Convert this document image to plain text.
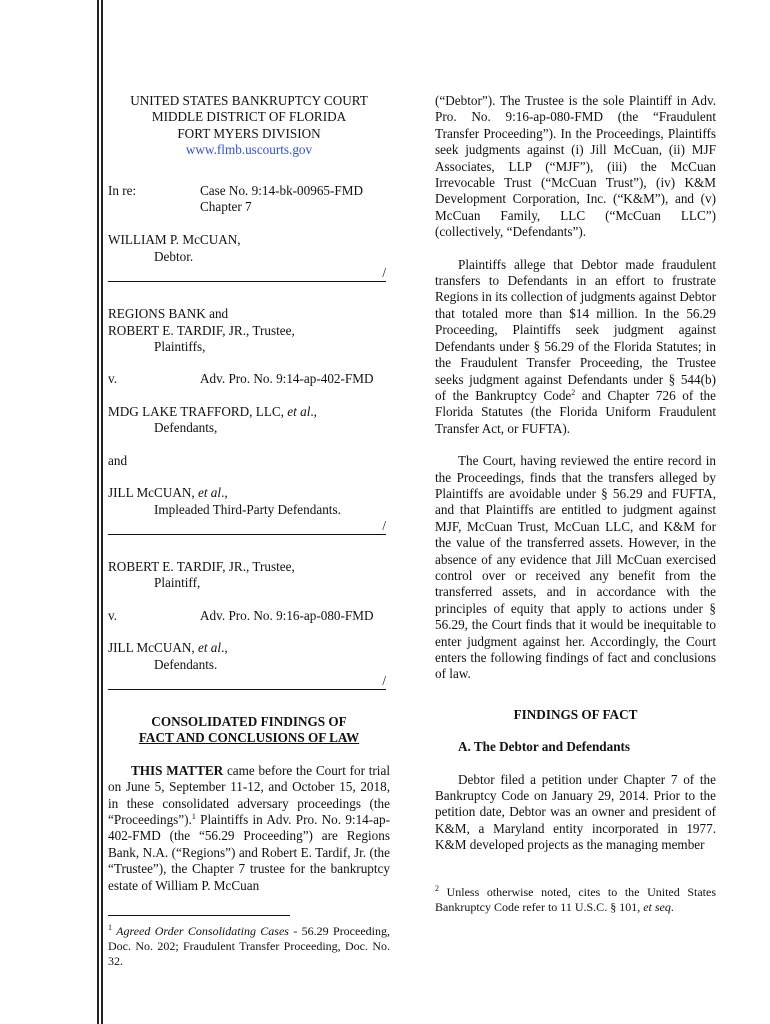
UNITED STATES BANKRUPTCY COURT
MIDDLE DISTRICT OF FLORIDA
FORT MYERS DIVISION
www.flmb.uscourts.gov
In re:	Case No. 9:14-bk-00965-FMD
Chapter 7
WILLIAM P. McCUAN,
Debtor.
/
REGIONS BANK and
ROBERT E. TARDIF, JR., Trustee,
Plaintiffs,
v.	Adv. Pro. No. 9:14-ap-402-FMD
MDG LAKE TRAFFORD, LLC, et al.,
Defendants,
and
JILL McCUAN, et al.,
Impleaded Third-Party Defendants.
/
ROBERT E. TARDIF, JR., Trustee,
Plaintiff,
v.	Adv. Pro. No. 9:16-ap-080-FMD
JILL McCUAN, et al.,
Defendants.
/
CONSOLIDATED FINDINGS OF
FACT AND CONCLUSIONS OF LAW

THIS MATTER came before the Court for trial on June 5, September 11-12, and October 15, 2018, in these consolidated adversary proceedings (the “Proceedings”).$^1$ Plaintiffs in Adv. Pro. No. 9:14-ap-402-FMD (the “56.29 Proceeding”) are Regions Bank, N.A. (“Regions”) and Robert E. Tardif, Jr. (the “Trustee”), the Chapter 7 trustee for the bankruptcy estate of William P. McCuan

$^1$ Agreed Order Consolidating Cases - 56.29 Proceeding, Doc. No. 202; Fraudulent Transfer Proceeding, Doc. No. 32.

(“Debtor”). The Trustee is the sole Plaintiff in Adv. Pro. No. 9:16-ap-080-FMD (the “Fraudulent Transfer Proceeding”). In the Proceedings, Plaintiffs seek judgments against (i) Jill McCuan, (ii) MJF Associates, LLP (“MJF”), (iii) the McCuan Irrevocable Trust (“McCuan Trust”), (iv) K&M Development Corporation, Inc. (“K&M”), and (v) McCuan Family, LLC (“McCuan LLC”) (collectively, “Defendants”).

Plaintiffs allege that Debtor made fraudulent transfers to Defendants in an effort to frustrate Regions in its collection of judgments against Debtor that totaled more than $14 million. In the 56.29 Proceeding, Plaintiffs seek judgment against Defendants under § 56.29 of the Florida Statutes; in the Fraudulent Transfer Proceeding, the Trustee seeks judgment against Defendants under § 544(b) of the Bankruptcy Code$^2$ and Chapter 726 of the Florida Statutes (the Florida Uniform Fraudulent Transfer Act, or FUFTA).

The Court, having reviewed the entire record in the Proceedings, finds that the transfers alleged by Plaintiffs are avoidable under § 56.29 and FUFTA, and that Plaintiffs are entitled to judgment against MJF, McCuan Trust, McCuan LLC, and K&M for the value of the transferred assets. However, in the absence of any evidence that Jill McCuan exercised control over or received any benefit from the transferred assets, and in accordance with the principles of equity that apply to actions under § 56.29, the Court finds that it would be inequitable to enter judgment against her. Accordingly, the Court enters the following findings of fact and conclusions of law.

FINDINGS OF FACT
A. The Debtor and Defendants

Debtor filed a petition under Chapter 7 of the Bankruptcy Code on January 29, 2014. Prior to the petition date, Debtor was an owner and president of K&M, a Maryland entity incorporated in 1977. K&M developed projects as the managing member

$^2$ Unless otherwise noted, cites to the United States Bankruptcy Code refer to 11 U.S.C. § 101, et seq.
